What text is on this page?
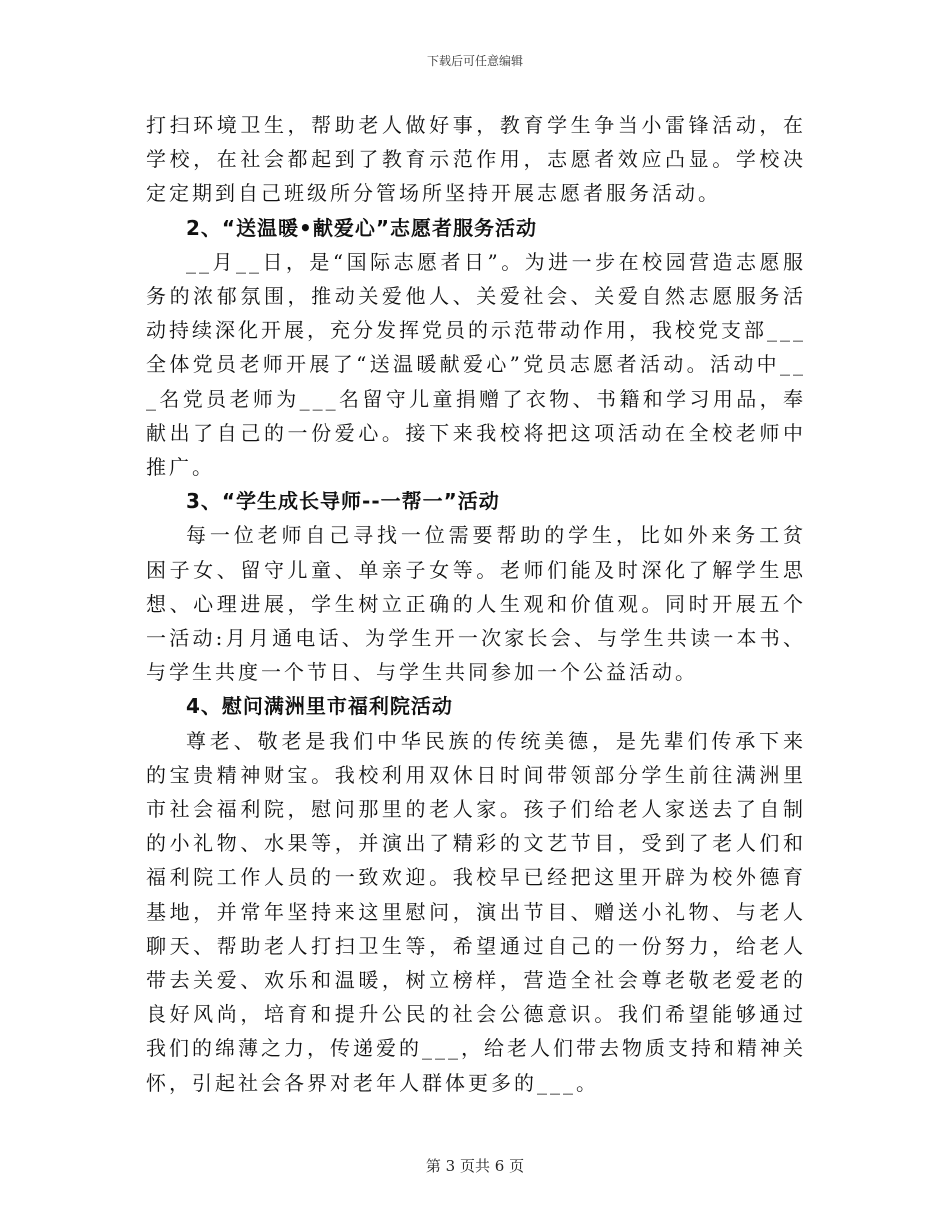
下载后可任意编辑

打扫环境卫生，帮助老人做好事，教育学生争当小雷锋活动，在学校，在社会都起到了教育示范作用，志愿者效应凸显。学校决定定期到自己班级所分管场所坚持开展志愿者服务活动。

2、“送温暖•献爱心”志愿者服务活动

__月__日，是“国际志愿者日”。为进一步在校园营造志愿服务的浓郁氛围，推动关爱他人、关爱社会、关爱自然志愿服务活动持续深化开展，充分发挥党员的示范带动作用，我校党支部___全体党员老师开展了“送温暖献爱心”党员志愿者活动。活动中___名党员老师为___名留守儿童捐赠了衣物、书籍和学习用品，奉献出了自己的一份爱心。接下来我校将把这项活动在全校老师中推广。

3、“学生成长导师--一帮一”活动

每一位老师自己寻找一位需要帮助的学生，比如外来务工贫困子女、留守儿童、单亲子女等。老师们能及时深化了解学生思想、心理进展，学生树立正确的人生观和价值观。同时开展五个一活动:月月通电话、为学生开一次家长会、与学生共读一本书、与学生共度一个节日、与学生共同参加一个公益活动。

4、慰问满洲里市福利院活动

尊老、敬老是我们中华民族的传统美德，是先辈们传承下来的宝贵精神财宝。我校利用双休日时间带领部分学生前往满洲里市社会福利院，慰问那里的老人家。孩子们给老人家送去了自制的小礼物、水果等，并演出了精彩的文艺节目，受到了老人们和福利院工作人员的一致欢迎。我校早已经把这里开辟为校外德育基地，并常年坚持来这里慰问，演出节目、赠送小礼物、与老人聊天、帮助老人打扫卫生等，希望通过自己的一份努力，给老人带去关爱、欢乐和温暖，树立榜样，营造全社会尊老敬老爱老的良好风尚，培育和提升公民的社会公德意识。我们希望能够通过我们的绵薄之力，传递爱的___，给老人们带去物质支持和精神关怀，引起社会各界对老年人群体更多的___。

第 3 页共 6 页
